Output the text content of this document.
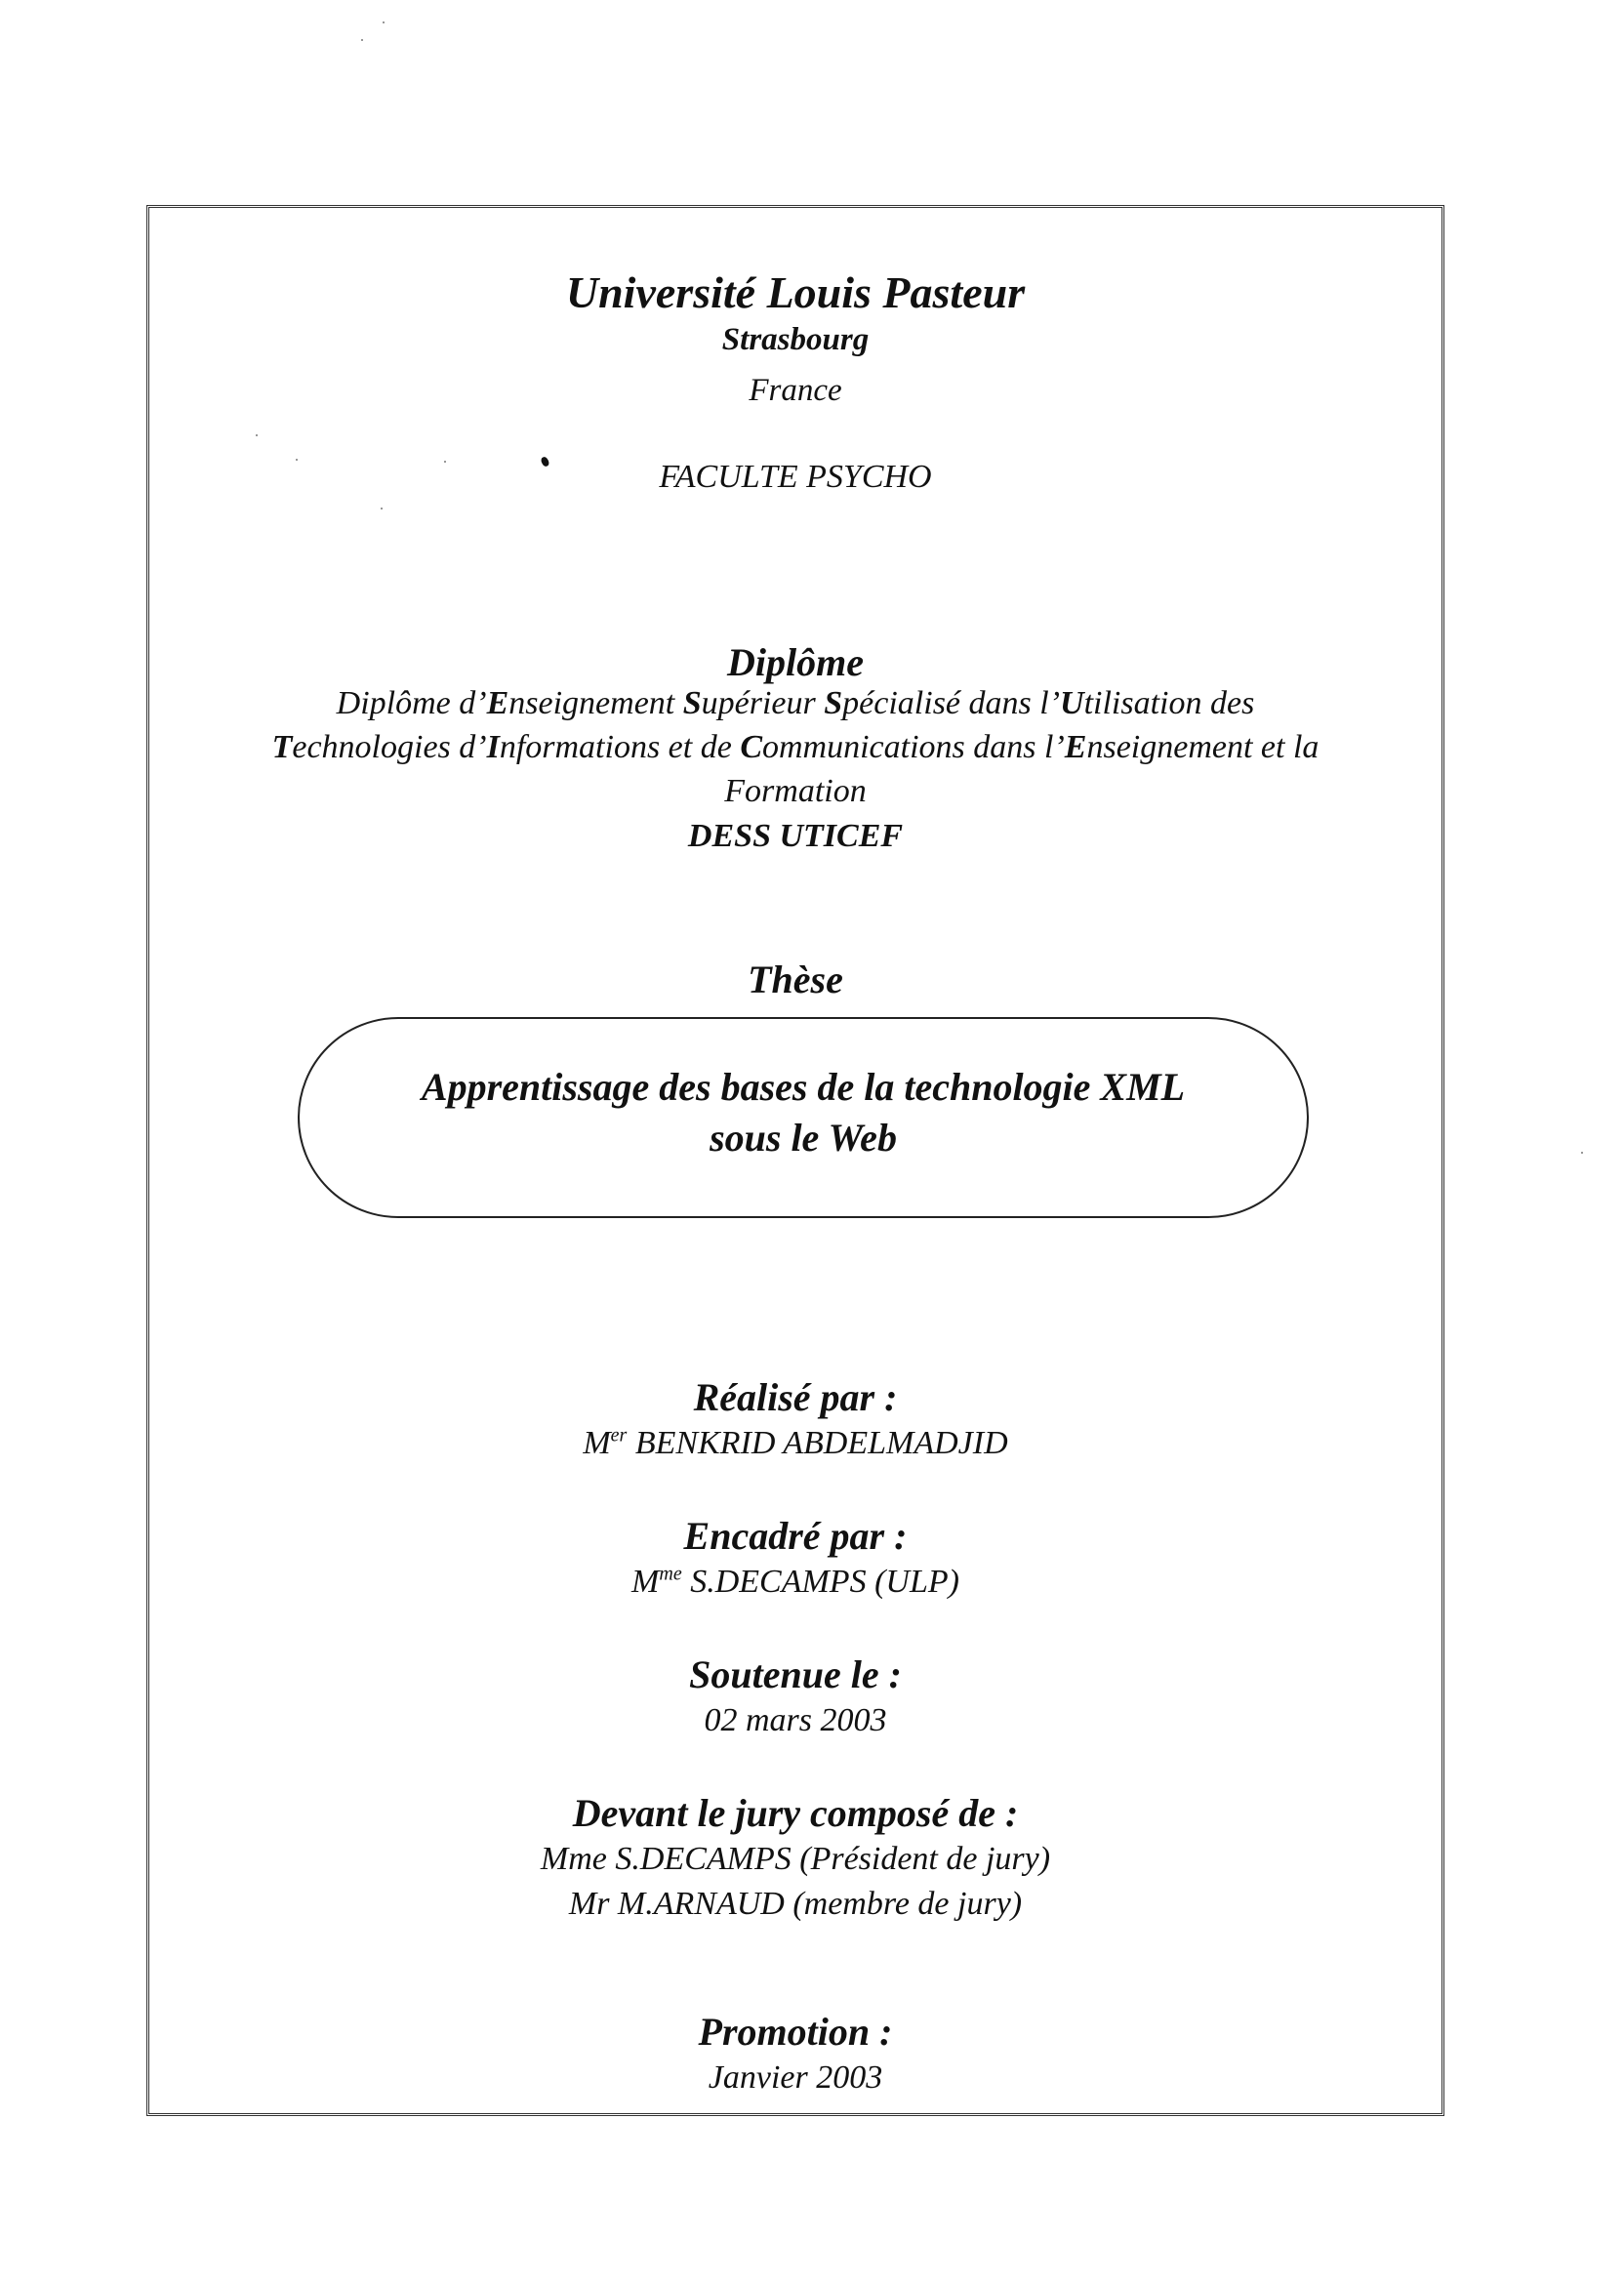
Université Louis Pasteur
Strasbourg
France
FACULTE PSYCHO
Diplôme
Diplôme d’Enseignement Supérieur Spécialisé dans l’Utilisation des
Technologies d’Informations et de Communications dans l’Enseignement et la
Formation
DESS UTICEF
Thèse
Apprentissage des bases de la technologie XML
sous le Web
Réalisé par :
Mer BENKRID ABDELMADJID
Encadré par :
$M^{me}$ S.DECAMPS (ULP)
Soutenue le :
02 mars 2003
Devant le jury composé de :
Mme S.DECAMPS (Président de jury)
Mr M.ARNAUD (membre de jury)
Promotion :
Janvier 2003
